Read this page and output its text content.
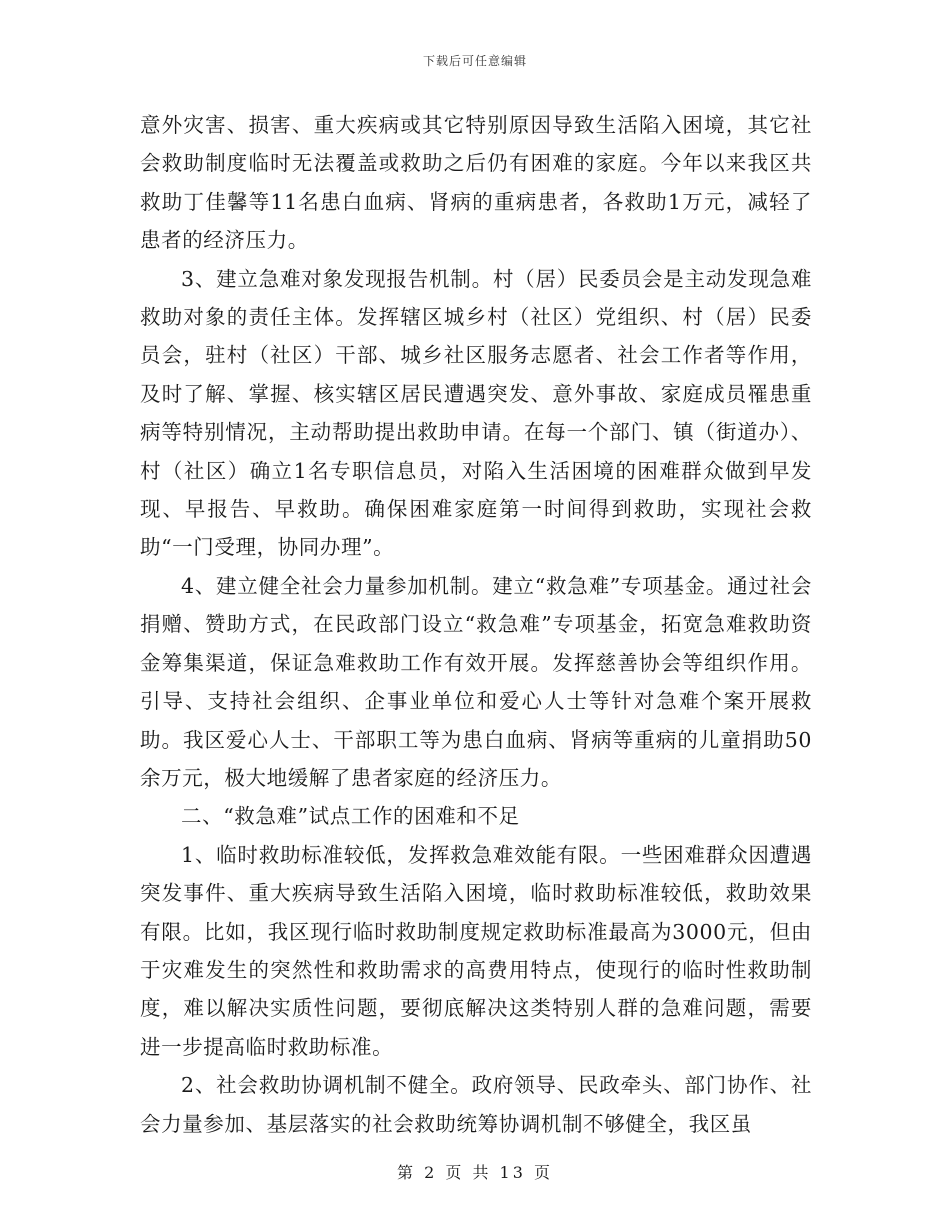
下载后可任意编辑

意外灾害、损害、重大疾病或其它特别原因导致生活陷入困境，其它社会救助制度临时无法覆盖或救助之后仍有困难的家庭。今年以来我区共救助丁佳馨等11名患白血病、肾病的重病患者，各救助1万元，减轻了患者的经济压力。

3、建立急难对象发现报告机制。村（居）民委员会是主动发现急难救助对象的责任主体。发挥辖区城乡村（社区）党组织、村（居）民委员会，驻村（社区）干部、城乡社区服务志愿者、社会工作者等作用，及时了解、掌握、核实辖区居民遭遇突发、意外事故、家庭成员罹患重病等特别情况，主动帮助提出救助申请。在每一个部门、镇（街道办）、村（社区）确立1名专职信息员，对陷入生活困境的困难群众做到早发现、早报告、早救助。确保困难家庭第一时间得到救助，实现社会救助“一门受理，协同办理”。

4、建立健全社会力量参加机制。建立“救急难”专项基金。通过社会捐赠、赞助方式，在民政部门设立“救急难”专项基金，拓宽急难救助资金筹集渠道，保证急难救助工作有效开展。发挥慈善协会等组织作用。引导、支持社会组织、企事业单位和爱心人士等针对急难个案开展救助。我区爱心人士、干部职工等为患白血病、肾病等重病的儿童捐助50余万元，极大地缓解了患者家庭的经济压力。

二、“救急难”试点工作的困难和不足

1、临时救助标准较低，发挥救急难效能有限。一些困难群众因遭遇突发事件、重大疾病导致生活陷入困境，临时救助标准较低，救助效果有限。比如，我区现行临时救助制度规定救助标准最高为3000元，但由于灾难发生的突然性和救助需求的高费用特点，使现行的临时性救助制度，难以解决实质性问题，要彻底解决这类特别人群的急难问题，需要进一步提高临时救助标准。

2、社会救助协调机制不健全。政府领导、民政牵头、部门协作、社会力量参加、基层落实的社会救助统筹协调机制不够健全，我区虽

第 2 页 共 13 页
